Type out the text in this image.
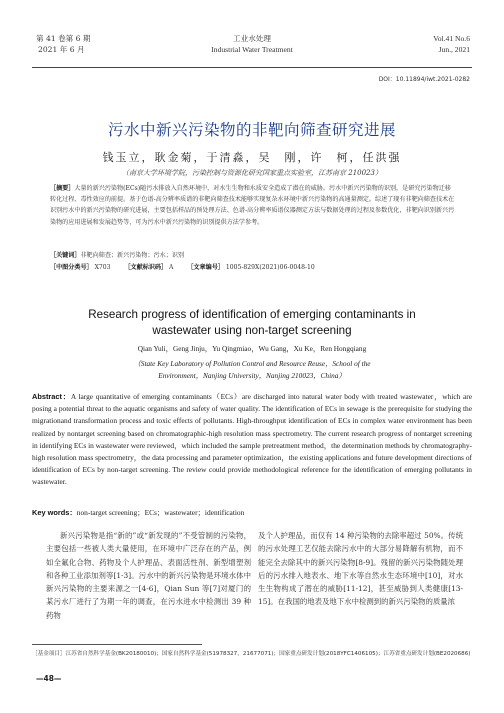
第 41 卷第 6 期
2021 年 6 月
工业水处理
Industrial Water Treatment
Vol.41 No.6
Jun., 2021
DOI：10.11894/iwt.2021-0282
污水中新兴污染物的非靶向筛查研究进展
钱玉立，耿金菊，于清淼，吴　刚，许　柯，任洪强
（南京大学环境学院，污染控制与资源化研究国家重点实验室，江苏南京 210023）
［摘要］大量的新兴污染物(ECs)随污水排放入自然环境中，对水生生物和水质安全造成了潜在的威胁。污水中新兴污染物的识别，是研究污染物迁移转化过程、毒性效应的前提。基于色谱-高分辨率质谱的非靶向筛查技术能够实现复杂水环境中新兴污染物的高通量测定。综述了现有非靶向筛查技术在识别污水中的新兴污染物的研究进展，主要包括样品的预处理方法、色谱-高分辨率质谱仪器测定方法与数据处理的过程及参数优化，非靶向识别新兴污染物的应用进展和发展趋势等，可为污水中新兴污染物的识别提供方法学参考。
［关键词］非靶向筛查；新兴污染物；污水；识别
［中图分类号］ X703 ［文献标识码］ A ［文章编号］ 1005-829X(2021)06-0048-10
Research progress of identification of emerging contaminants in wastewater using non-target screening
Qian Yuli，Geng Jinju，Yu Qingmiao，Wu Gang，Xu Ke，Ren Hongqiang
（State Key Laboratory of Pollution Control and Resource Reuse，School of the Environment，Nanjing University，Nanjing 210023，China）
Abstract：A large quantitative of emerging contaminants（ECs）are discharged into natural water body with treated wastewater，which are posing a potential threat to the aquatic organisms and safety of water quality. The identification of ECs in sewage is the prerequisite for studying the migrationand transformation process and toxic effects of pollutants. High-throughput identification of ECs in complex water environment has been realized by nontarget screening based on chromatographic-high resolution mass spectrometry. The current research progress of nontarget screening in identifying ECs in wastewater were reviewed，which included the sample pretreatment method，the determination methods by chromatography-high resolution mass spectrometry，the data processing and parameter optimization，the existing applications and future development directions of identification of ECs by non-target screening. The review could provide methodological reference for the identification of emerging pollutants in wastewater.
Key words：non-target screening；ECs；wastewater；identification
新兴污染物是指“新的”或“新发现的”不受管制的污染物，主要包括一些被人类大量使用，在环境中广泛存在的产品，例如全氟化合物、药物及个人护理品、表面活性剂、新型增塑剂和各种工业添加剂等[1-3]。污水中的新兴污染物是环境水体中新兴污染物的主要来源之一[4-6]，Qian Sun 等[7]对厦门的某污水厂进行了为期一年的调查，在污水进水中检测出 39 种药物
及个人护理品，而仅有 14 种污染物的去除率超过 50%。传统的污水处理工艺仅能去除污水中的大部分易降解有机物，而不能完全去除其中的新兴污染物[8-9]。残留的新兴污染物随处理后的污水排入地表水、地下水等自然水生态环境中[10]，对水生生物构成了潜在的威胁[11-12]，甚至威胁到人类健康[13-15]。在我国的地表及地下水中检测到的新兴污染物的质量浓
［基金项目］江苏省自然科学基金(BK20180010)；国家自然科学基金(51978327，21677071)；国家重点研发计划(2018YFC1406105)；江苏省重点研发计划(BE2020686)
—48—
